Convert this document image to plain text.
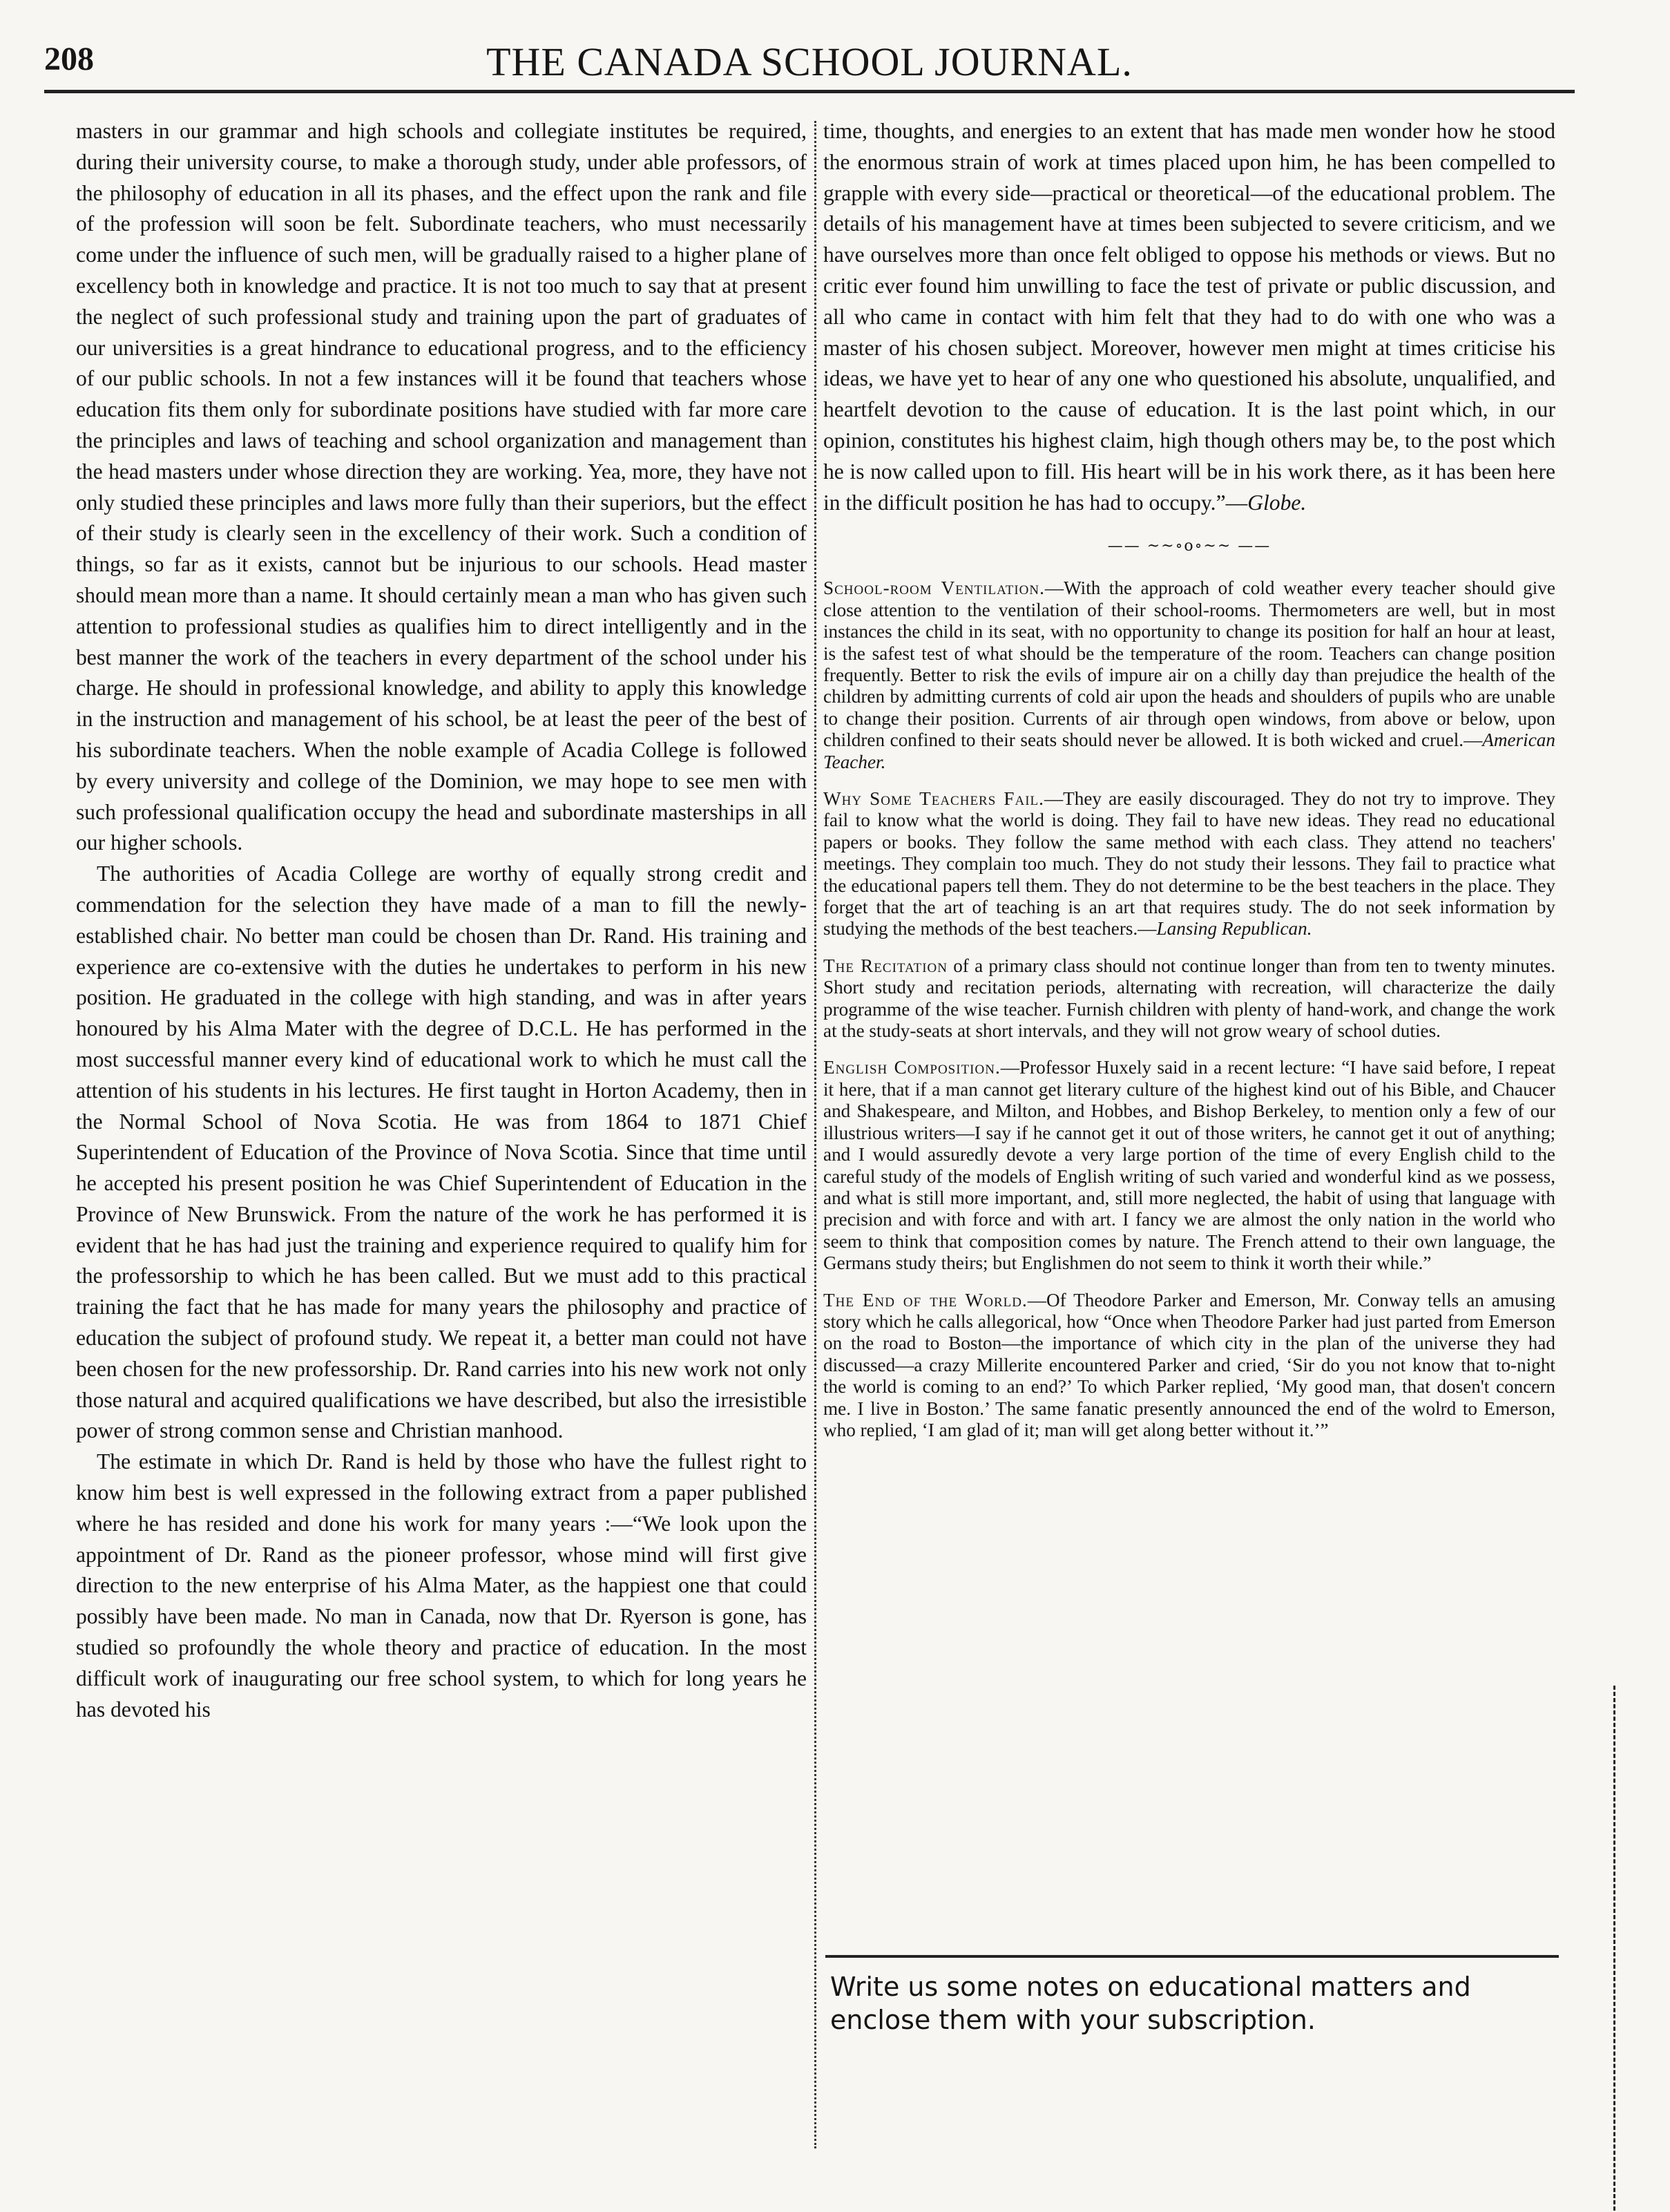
208	THE CANADA SCHOOL JOURNAL.

masters in our grammar and high schools and collegiate institutes be required, during their university course, to make a thorough study, under able professors, of the philosophy of education in all its phases, and the effect upon the rank and file of the profession will soon be felt. Subordinate teachers, who must necessarily come under the influence of such men, will be gradually raised to a higher plane of excellency both in knowledge and practice. It is not too much to say that at present the neglect of such professional study and training upon the part of graduates of our universities is a great hindrance to educational progress, and to the efficiency of our public schools. In not a few instances will it be found that teachers whose education fits them only for subordinate positions have studied with far more care the principles and laws of teaching and school organization and management than the head masters under whose direction they are working. Yea, more, they have not only studied these principles and laws more fully than their superiors, but the effect of their study is clearly seen in the excellency of their work. Such a condition of things, so far as it exists, cannot but be injurious to our schools. Head master should mean more than a name. It should certainly mean a man who has given such attention to professional studies as qualifies him to direct intelligently and in the best manner the work of the teachers in every department of the school under his charge. He should in professional knowledge, and ability to apply this knowledge in the instruction and management of his school, be at least the peer of the best of his subordinate teachers. When the noble example of Acadia College is followed by every university and college of the Dominion, we may hope to see men with such professional qualification occupy the head and subordinate masterships in all our higher schools.

The authorities of Acadia College are worthy of equally strong credit and commendation for the selection they have made of a man to fill the newly-established chair. No better man could be chosen than Dr. Rand. His training and experience are co-extensive with the duties he undertakes to perform in his new position. He graduated in the college with high standing, and was in after years honoured by his Alma Mater with the degree of D.C.L. He has performed in the most successful manner every kind of educational work to which he must call the attention of his students in his lectures. He first taught in Horton Academy, then in the Normal School of Nova Scotia. He was from 1864 to 1871 Chief Superintendent of Education of the Province of Nova Scotia. Since that time until he accepted his present position he was Chief Superintendent of Education in the Province of New Brunswick. From the nature of the work he has performed it is evident that he has had just the training and experience required to qualify him for the professorship to which he has been called. But we must add to this practical training the fact that he has made for many years the philosophy and practice of education the subject of profound study. We repeat it, a better man could not have been chosen for the new professorship. Dr. Rand carries into his new work not only those natural and acquired qualifications we have described, but also the irresistible power of strong common sense and Christian manhood.

The estimate in which Dr. Rand is held by those who have the fullest right to know him best is well expressed in the following extract from a paper published where he has resided and done his work for many years :—“We look upon the appointment of Dr. Rand as the pioneer professor, whose mind will first give direction to the new enterprise of his Alma Mater, as the happiest one that could possibly have been made. No man in Canada, now that Dr. Ryerson is gone, has studied so profoundly the whole theory and practice of education. In the most difficult work of inaugurating our free school system, to which for long years he has devoted his

time, thoughts, and energies to an extent that has made men wonder how he stood the enormous strain of work at times placed upon him, he has been compelled to grapple with every side—practical or theoretical—of the educational problem. The details of his management have at times been subjected to severe criticism, and we have ourselves more than once felt obliged to oppose his methods or views. But no critic ever found him unwilling to face the test of private or public discussion, and all who came in contact with him felt that they had to do with one who was a master of his chosen subject. Moreover, however men might at times criticise his ideas, we have yet to hear of any one who questioned his absolute, unqualified, and heartfelt devotion to the cause of education. It is the last point which, in our opinion, constitutes his highest claim, high though others may be, to the post which he is now called upon to fill. His heart will be in his work there, as it has been here in the difficult position he has had to occupy.”—Globe.

—— ~~∘o∘~~ ——

School-room Ventilation.—With the approach of cold weather every teacher should give close attention to the ventilation of their school-rooms. Thermometers are well, but in most instances the child in its seat, with no opportunity to change its position for half an hour at least, is the safest test of what should be the temperature of the room. Teachers can change position frequently. Better to risk the evils of impure air on a chilly day than prejudice the health of the children by admitting currents of cold air upon the heads and shoulders of pupils who are unable to change their position. Currents of air through open windows, from above or below, upon children confined to their seats should never be allowed. It is both wicked and cruel.—American Teacher.

Why Some Teachers Fail.—They are easily discouraged. They do not try to improve. They fail to know what the world is doing. They fail to have new ideas. They read no educational papers or books. They follow the same method with each class. They attend no teachers' meetings. They complain too much. They do not study their lessons. They fail to practice what the educational papers tell them. They do not determine to be the best teachers in the place. They forget that the art of teaching is an art that requires study. The do not seek information by studying the methods of the best teachers.—Lansing Republican.

The Recitation of a primary class should not continue longer than from ten to twenty minutes. Short study and recitation periods, alternating with recreation, will characterize the daily programme of the wise teacher. Furnish children with plenty of hand-work, and change the work at the study-seats at short intervals, and they will not grow weary of school duties.

English Composition.—Professor Huxely said in a recent lecture: “I have said before, I repeat it here, that if a man cannot get literary culture of the highest kind out of his Bible, and Chaucer and Shakespeare, and Milton, and Hobbes, and Bishop Berkeley, to mention only a few of our illustrious writers—I say if he cannot get it out of those writers, he cannot get it out of anything; and I would assuredly devote a very large portion of the time of every English child to the careful study of the models of English writing of such varied and wonderful kind as we possess, and what is still more important, and, still more neglected, the habit of using that language with precision and with force and with art. I fancy we are almost the only nation in the world who seem to think that composition comes by nature. The French attend to their own language, the Germans study theirs; but Englishmen do not seem to think it worth their while.”

The End of the World.—Of Theodore Parker and Emerson, Mr. Conway tells an amusing story which he calls allegorical, how “Once when Theodore Parker had just parted from Emerson on the road to Boston—the importance of which city in the plan of the universe they had discussed—a crazy Millerite encountered Parker and cried, ‘Sir do you not know that to-night the world is coming to an end?’ To which Parker replied, ‘My good man, that dosen't concern me. I live in Boston.’ The same fanatic presently announced the end of the wolrd to Emerson, who replied, ‘I am glad of it; man will get along better without it.’”

Write us some notes on educational matters and enclose them with your subscription.
